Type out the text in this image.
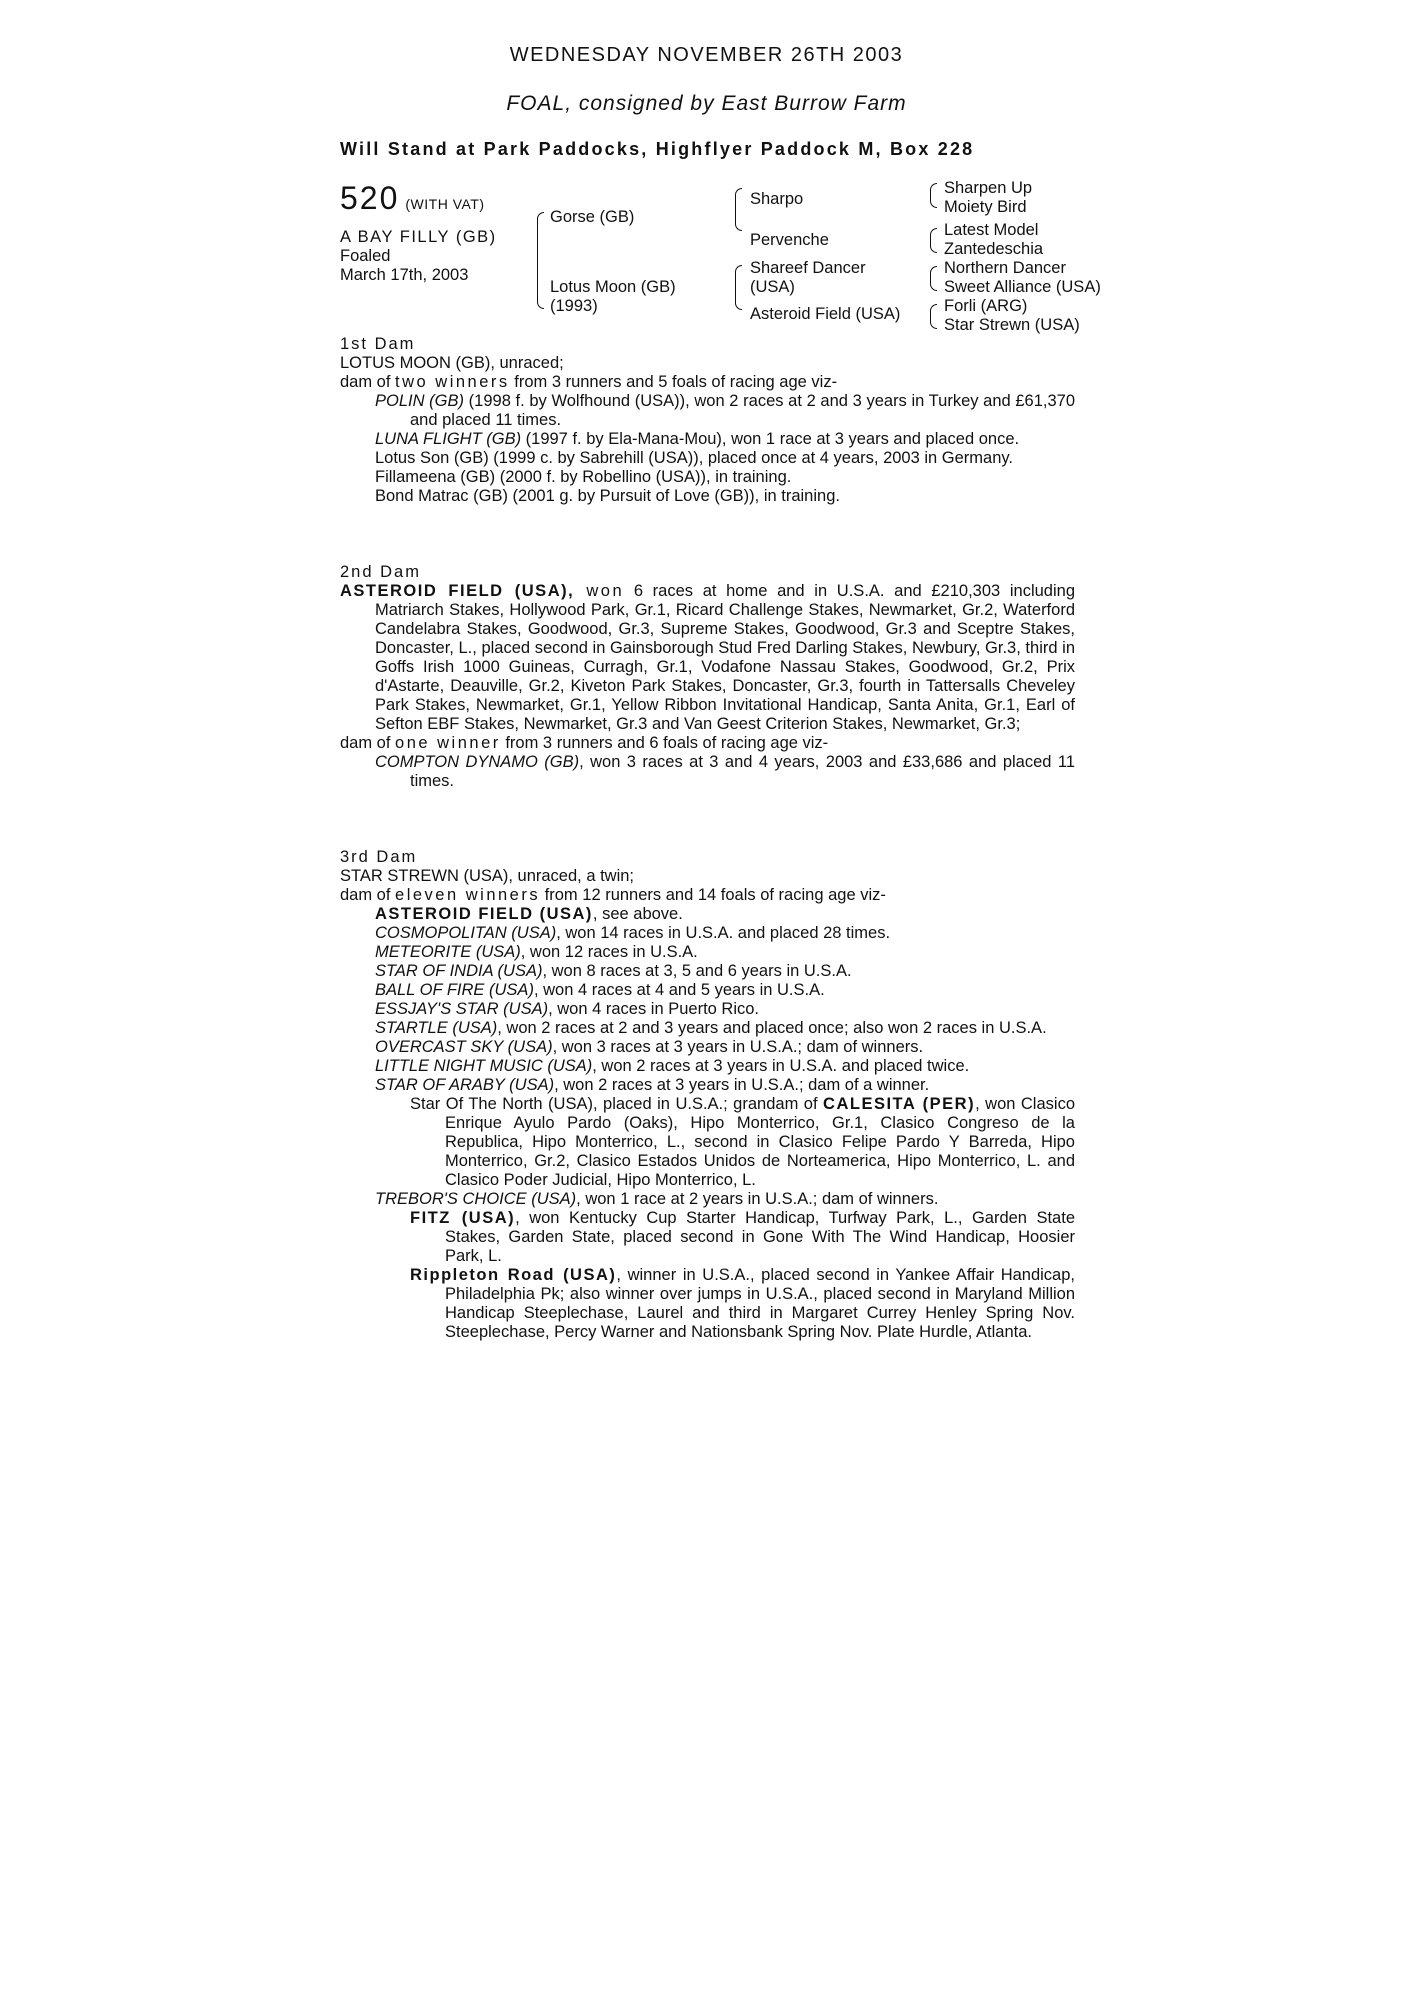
WEDNESDAY NOVEMBER 26TH 2003
FOAL, consigned by East Burrow Farm
Will Stand at Park Paddocks, Highflyer Paddock M, Box 228
520 (WITH VAT)
A BAY FILLY (GB)
Foaled
March 17th, 2003
Gorse (GB)
Lotus Moon (GB)
(1993)
Sharpo
Pervenche
Shareef Dancer
(USA)
Asteroid Field (USA)
Sharpen Up
Moiety Bird
Latest Model
Zantedeschia
Northern Dancer
Sweet Alliance (USA)
Forli (ARG)
Star Strewn (USA)
1st Dam
LOTUS MOON (GB), unraced;
dam of two winners from 3 runners and 5 foals of racing age viz-
POLIN (GB) (1998 f. by Wolfhound (USA)), won 2 races at 2 and 3 years in Turkey and £61,370 and placed 11 times.
LUNA FLIGHT (GB) (1997 f. by Ela-Mana-Mou), won 1 race at 3 years and placed once.
Lotus Son (GB) (1999 c. by Sabrehill (USA)), placed once at 4 years, 2003 in Germany.
Fillameena (GB) (2000 f. by Robellino (USA)), in training.
Bond Matrac (GB) (2001 g. by Pursuit of Love (GB)), in training.
2nd Dam
ASTEROID FIELD (USA), won 6 races at home and in U.S.A. and £210,303 including Matriarch Stakes, Hollywood Park, Gr.1, Ricard Challenge Stakes, Newmarket, Gr.2, Waterford Candelabra Stakes, Goodwood, Gr.3, Supreme Stakes, Goodwood, Gr.3 and Sceptre Stakes, Doncaster, L., placed second in Gainsborough Stud Fred Darling Stakes, Newbury, Gr.3, third in Goffs Irish 1000 Guineas, Curragh, Gr.1, Vodafone Nassau Stakes, Goodwood, Gr.2, Prix d'Astarte, Deauville, Gr.2, Kiveton Park Stakes, Doncaster, Gr.3, fourth in Tattersalls Cheveley Park Stakes, Newmarket, Gr.1, Yellow Ribbon Invitational Handicap, Santa Anita, Gr.1, Earl of Sefton EBF Stakes, Newmarket, Gr.3 and Van Geest Criterion Stakes, Newmarket, Gr.3;
dam of one winner from 3 runners and 6 foals of racing age viz-
COMPTON DYNAMO (GB), won 3 races at 3 and 4 years, 2003 and £33,686 and placed 11 times.
3rd Dam
STAR STREWN (USA), unraced, a twin;
dam of eleven winners from 12 runners and 14 foals of racing age viz-
ASTEROID FIELD (USA), see above.
COSMOPOLITAN (USA), won 14 races in U.S.A. and placed 28 times.
METEORITE (USA), won 12 races in U.S.A.
STAR OF INDIA (USA), won 8 races at 3, 5 and 6 years in U.S.A.
BALL OF FIRE (USA), won 4 races at 4 and 5 years in U.S.A.
ESSJAY'S STAR (USA), won 4 races in Puerto Rico.
STARTLE (USA), won 2 races at 2 and 3 years and placed once; also won 2 races in U.S.A.
OVERCAST SKY (USA), won 3 races at 3 years in U.S.A.; dam of winners.
LITTLE NIGHT MUSIC (USA), won 2 races at 3 years in U.S.A. and placed twice.
STAR OF ARABY (USA), won 2 races at 3 years in U.S.A.; dam of a winner.
Star Of The North (USA), placed in U.S.A.; grandam of CALESITA (PER), won Clasico Enrique Ayulo Pardo (Oaks), Hipo Monterrico, Gr.1, Clasico Congreso de la Republica, Hipo Monterrico, L., second in Clasico Felipe Pardo Y Barreda, Hipo Monterrico, Gr.2, Clasico Estados Unidos de Norteamerica, Hipo Monterrico, L. and Clasico Poder Judicial, Hipo Monterrico, L.
TREBOR'S CHOICE (USA), won 1 race at 2 years in U.S.A.; dam of winners.
FITZ (USA), won Kentucky Cup Starter Handicap, Turfway Park, L., Garden State Stakes, Garden State, placed second in Gone With The Wind Handicap, Hoosier Park, L.
Rippleton Road (USA), winner in U.S.A., placed second in Yankee Affair Handicap, Philadelphia Pk; also winner over jumps in U.S.A., placed second in Maryland Million Handicap Steeplechase, Laurel and third in Margaret Currey Henley Spring Nov. Steeplechase, Percy Warner and Nationsbank Spring Nov. Plate Hurdle, Atlanta.
